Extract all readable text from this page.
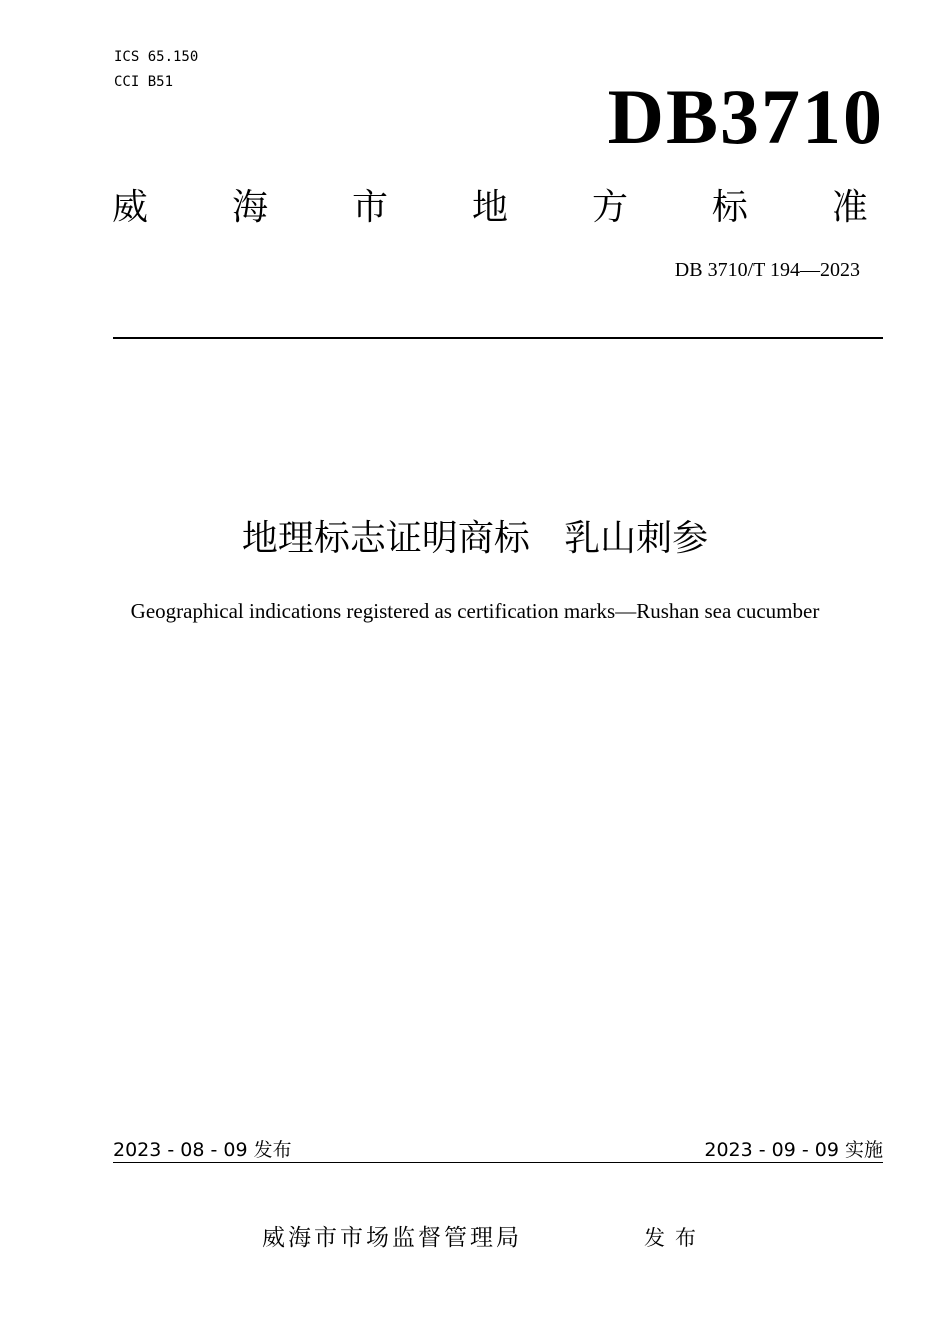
ICS 65.150
CCI B51	DB3710
威 海 市 地 方 标 准
DB 3710/T 194—2023
地理标志证明商标   乳山刺参
Geographical indications registered as certification marks—Rushan sea cucumber
2023 - 08 - 09 发布	2023 - 09 - 09 实施
威海市市场监督管理局	发布
